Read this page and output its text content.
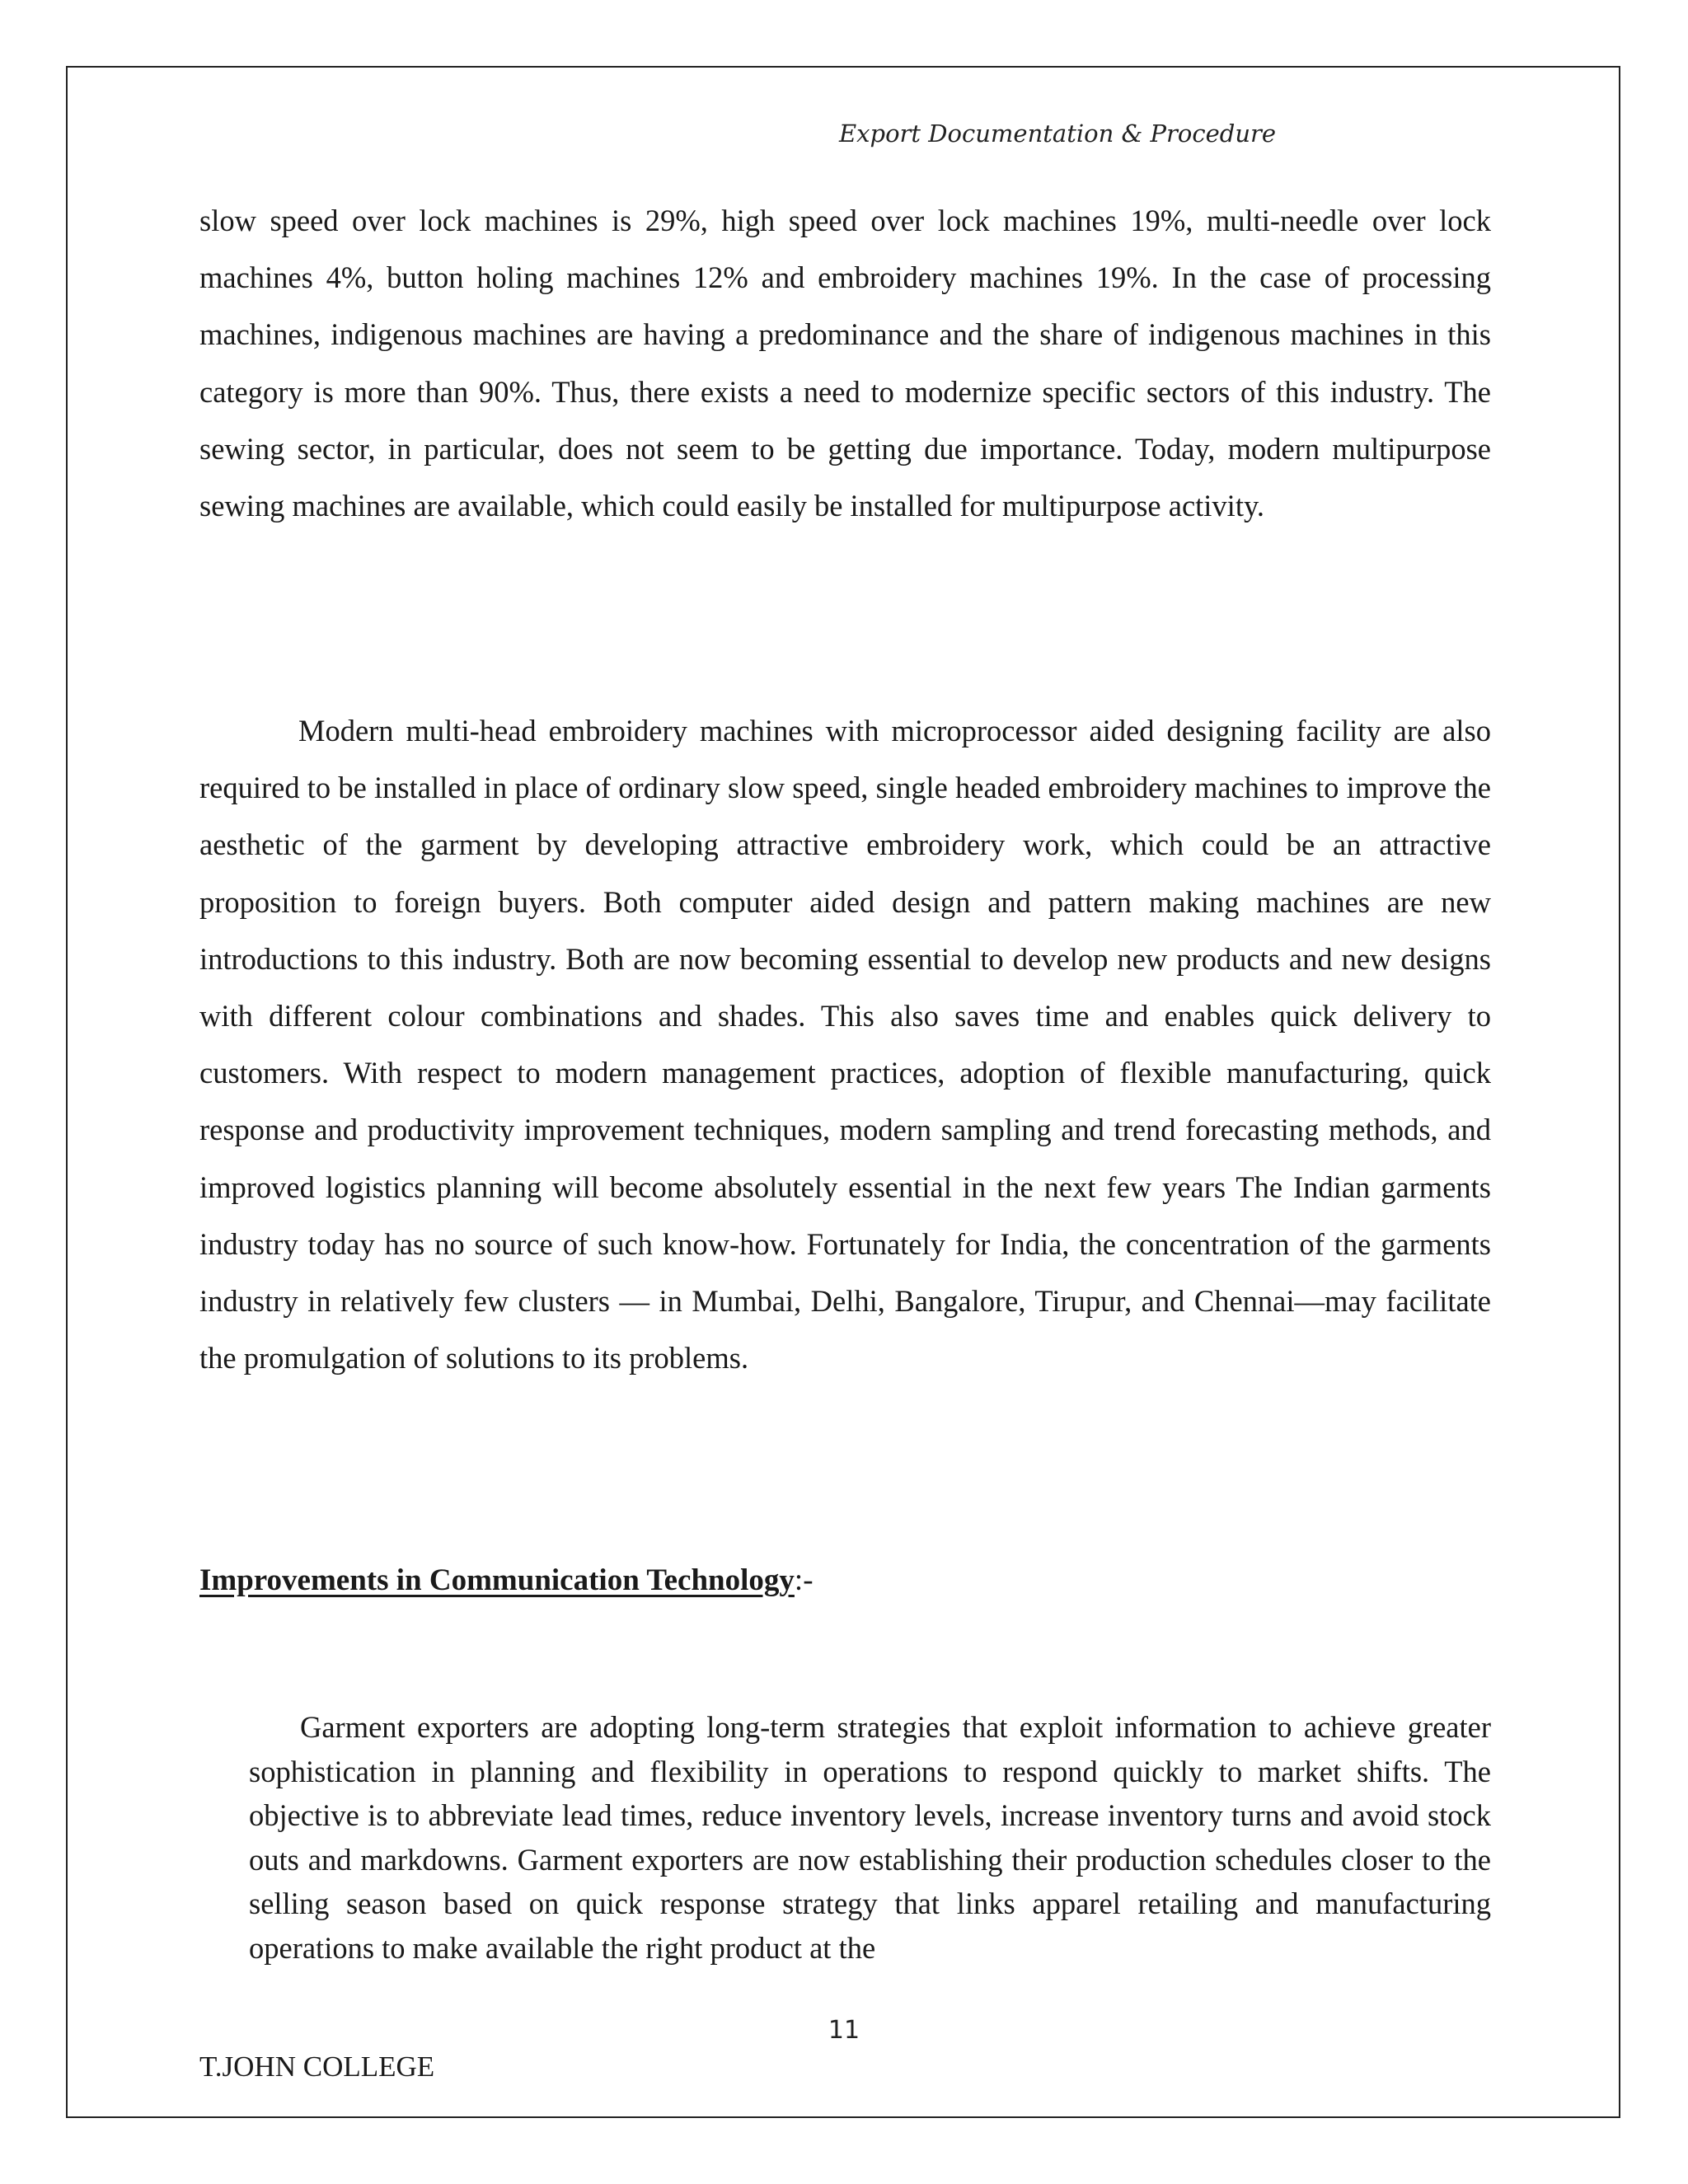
Export Documentation & Procedure

slow speed over lock machines is 29%, high speed over lock machines 19%, multi-needle over lock machines 4%, button holing machines 12% and embroidery machines 19%. In the case of processing machines, indigenous machines are having a predominance and the share of indigenous machines in this category is more than 90%. Thus, there exists a need to modernize specific sectors of this industry. The sewing sector, in particular, does not seem to be getting due importance. Today, modern multipurpose sewing machines are available, which could easily be installed for multipurpose activity.

Modern multi-head embroidery machines with microprocessor aided designing facility are also required to be installed in place of ordinary slow speed, single headed embroidery machines to improve the aesthetic of the garment by developing attractive embroidery work, which could be an attractive proposition to foreign buyers. Both computer aided design and pattern making machines are new introductions to this industry. Both are now becoming essential to develop new products and new designs with different colour combinations and shades. This also saves time and enables quick delivery to customers. With respect to modern management practices, adoption of flexible manufacturing, quick response and productivity improvement techniques, modern sampling and trend forecasting methods, and improved logistics planning will become absolutely essential in the next few years The Indian garments industry today has no source of such know-how. Fortunately for India, the concentration of the garments industry in relatively few clusters — in Mumbai, Delhi, Bangalore, Tirupur, and Chennai—may facilitate the promulgation of solutions to its problems.

Improvements in Communication Technology:-

Garment exporters are adopting long-term strategies that exploit information to achieve greater sophistication in planning and flexibility in operations to respond quickly to market shifts. The objective is to abbreviate lead times, reduce inventory levels, increase inventory turns and avoid stock outs and markdowns. Garment exporters are now establishing their production schedules closer to the selling season based on quick response strategy that links apparel retailing and manufacturing operations to make available the right product at the

11
T.JOHN COLLEGE
